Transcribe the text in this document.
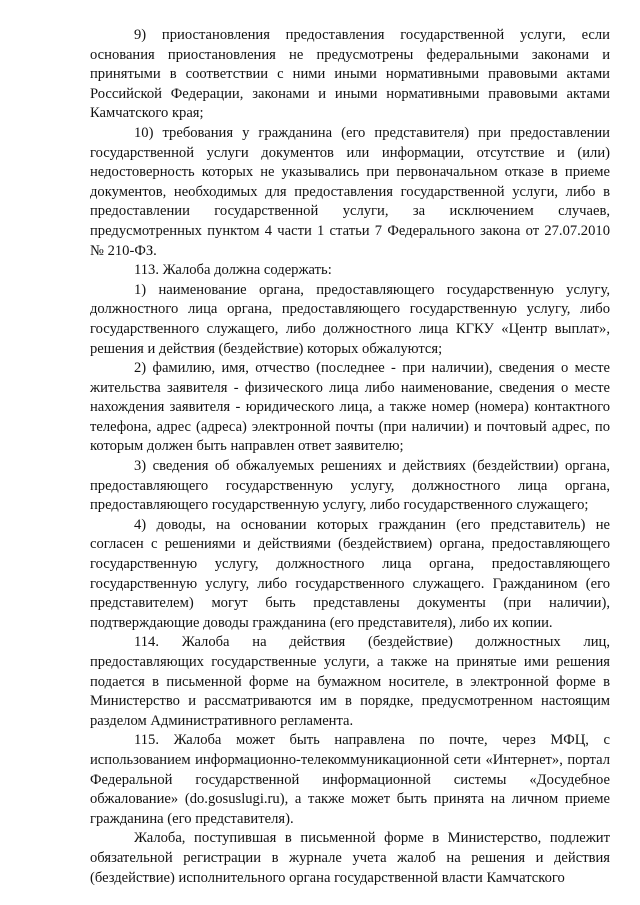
9) приостановления предоставления государственной услуги, если основания приостановления не предусмотрены федеральными законами и принятыми в соответствии с ними иными нормативными правовыми актами Российской Федерации, законами и иными нормативными правовыми актами Камчатского края;

10) требования у гражданина (его представителя) при предоставлении государственной услуги документов или информации, отсутствие и (или) недостоверность которых не указывались при первоначальном отказе в приеме документов, необходимых для предоставления государственной услуги, либо в предоставлении государственной услуги, за исключением случаев, предусмотренных пунктом 4 части 1 статьи 7 Федерального закона от 27.07.2010 № 210-ФЗ.

113. Жалоба должна содержать:

1) наименование органа, предоставляющего государственную услугу, должностного лица органа, предоставляющего государственную услугу, либо государственного служащего, либо должностного лица КГКУ «Центр выплат», решения и действия (бездействие) которых обжалуются;

2) фамилию, имя, отчество (последнее - при наличии), сведения о месте жительства заявителя - физического лица либо наименование, сведения о месте нахождения заявителя - юридического лица, а также номер (номера) контактного телефона, адрес (адреса) электронной почты (при наличии) и почтовый адрес, по которым должен быть направлен ответ заявителю;

3) сведения об обжалуемых решениях и действиях (бездействии) органа, предоставляющего государственную услугу, должностного лица органа, предоставляющего государственную услугу, либо государственного служащего;

4) доводы, на основании которых гражданин (его представитель) не согласен с решениями и действиями (бездействием) органа, предоставляющего государственную услугу, должностного лица органа, предоставляющего государственную услугу, либо государственного служащего. Гражданином (его представителем) могут быть представлены документы (при наличии), подтверждающие доводы гражданина (его представителя), либо их копии.

114. Жалоба на действия (бездействие) должностных лиц, предоставляющих государственные услуги, а также на принятые ими решения подается в письменной форме на бумажном носителе, в электронной форме в Министерство и рассматриваются им в порядке, предусмотренном настоящим разделом Административного регламента.

115. Жалоба может быть направлена по почте, через МФЦ, с использованием информационно-телекоммуникационной сети «Интернет», портал Федеральной государственной информационной системы «Досудебное обжалование» (do.gosuslugi.ru), а также может быть принята на личном приеме гражданина (его представителя).

Жалоба, поступившая в письменной форме в Министерство, подлежит обязательной регистрации в журнале учета жалоб на решения и действия (бездействие) исполнительного органа государственной власти Камчатского
